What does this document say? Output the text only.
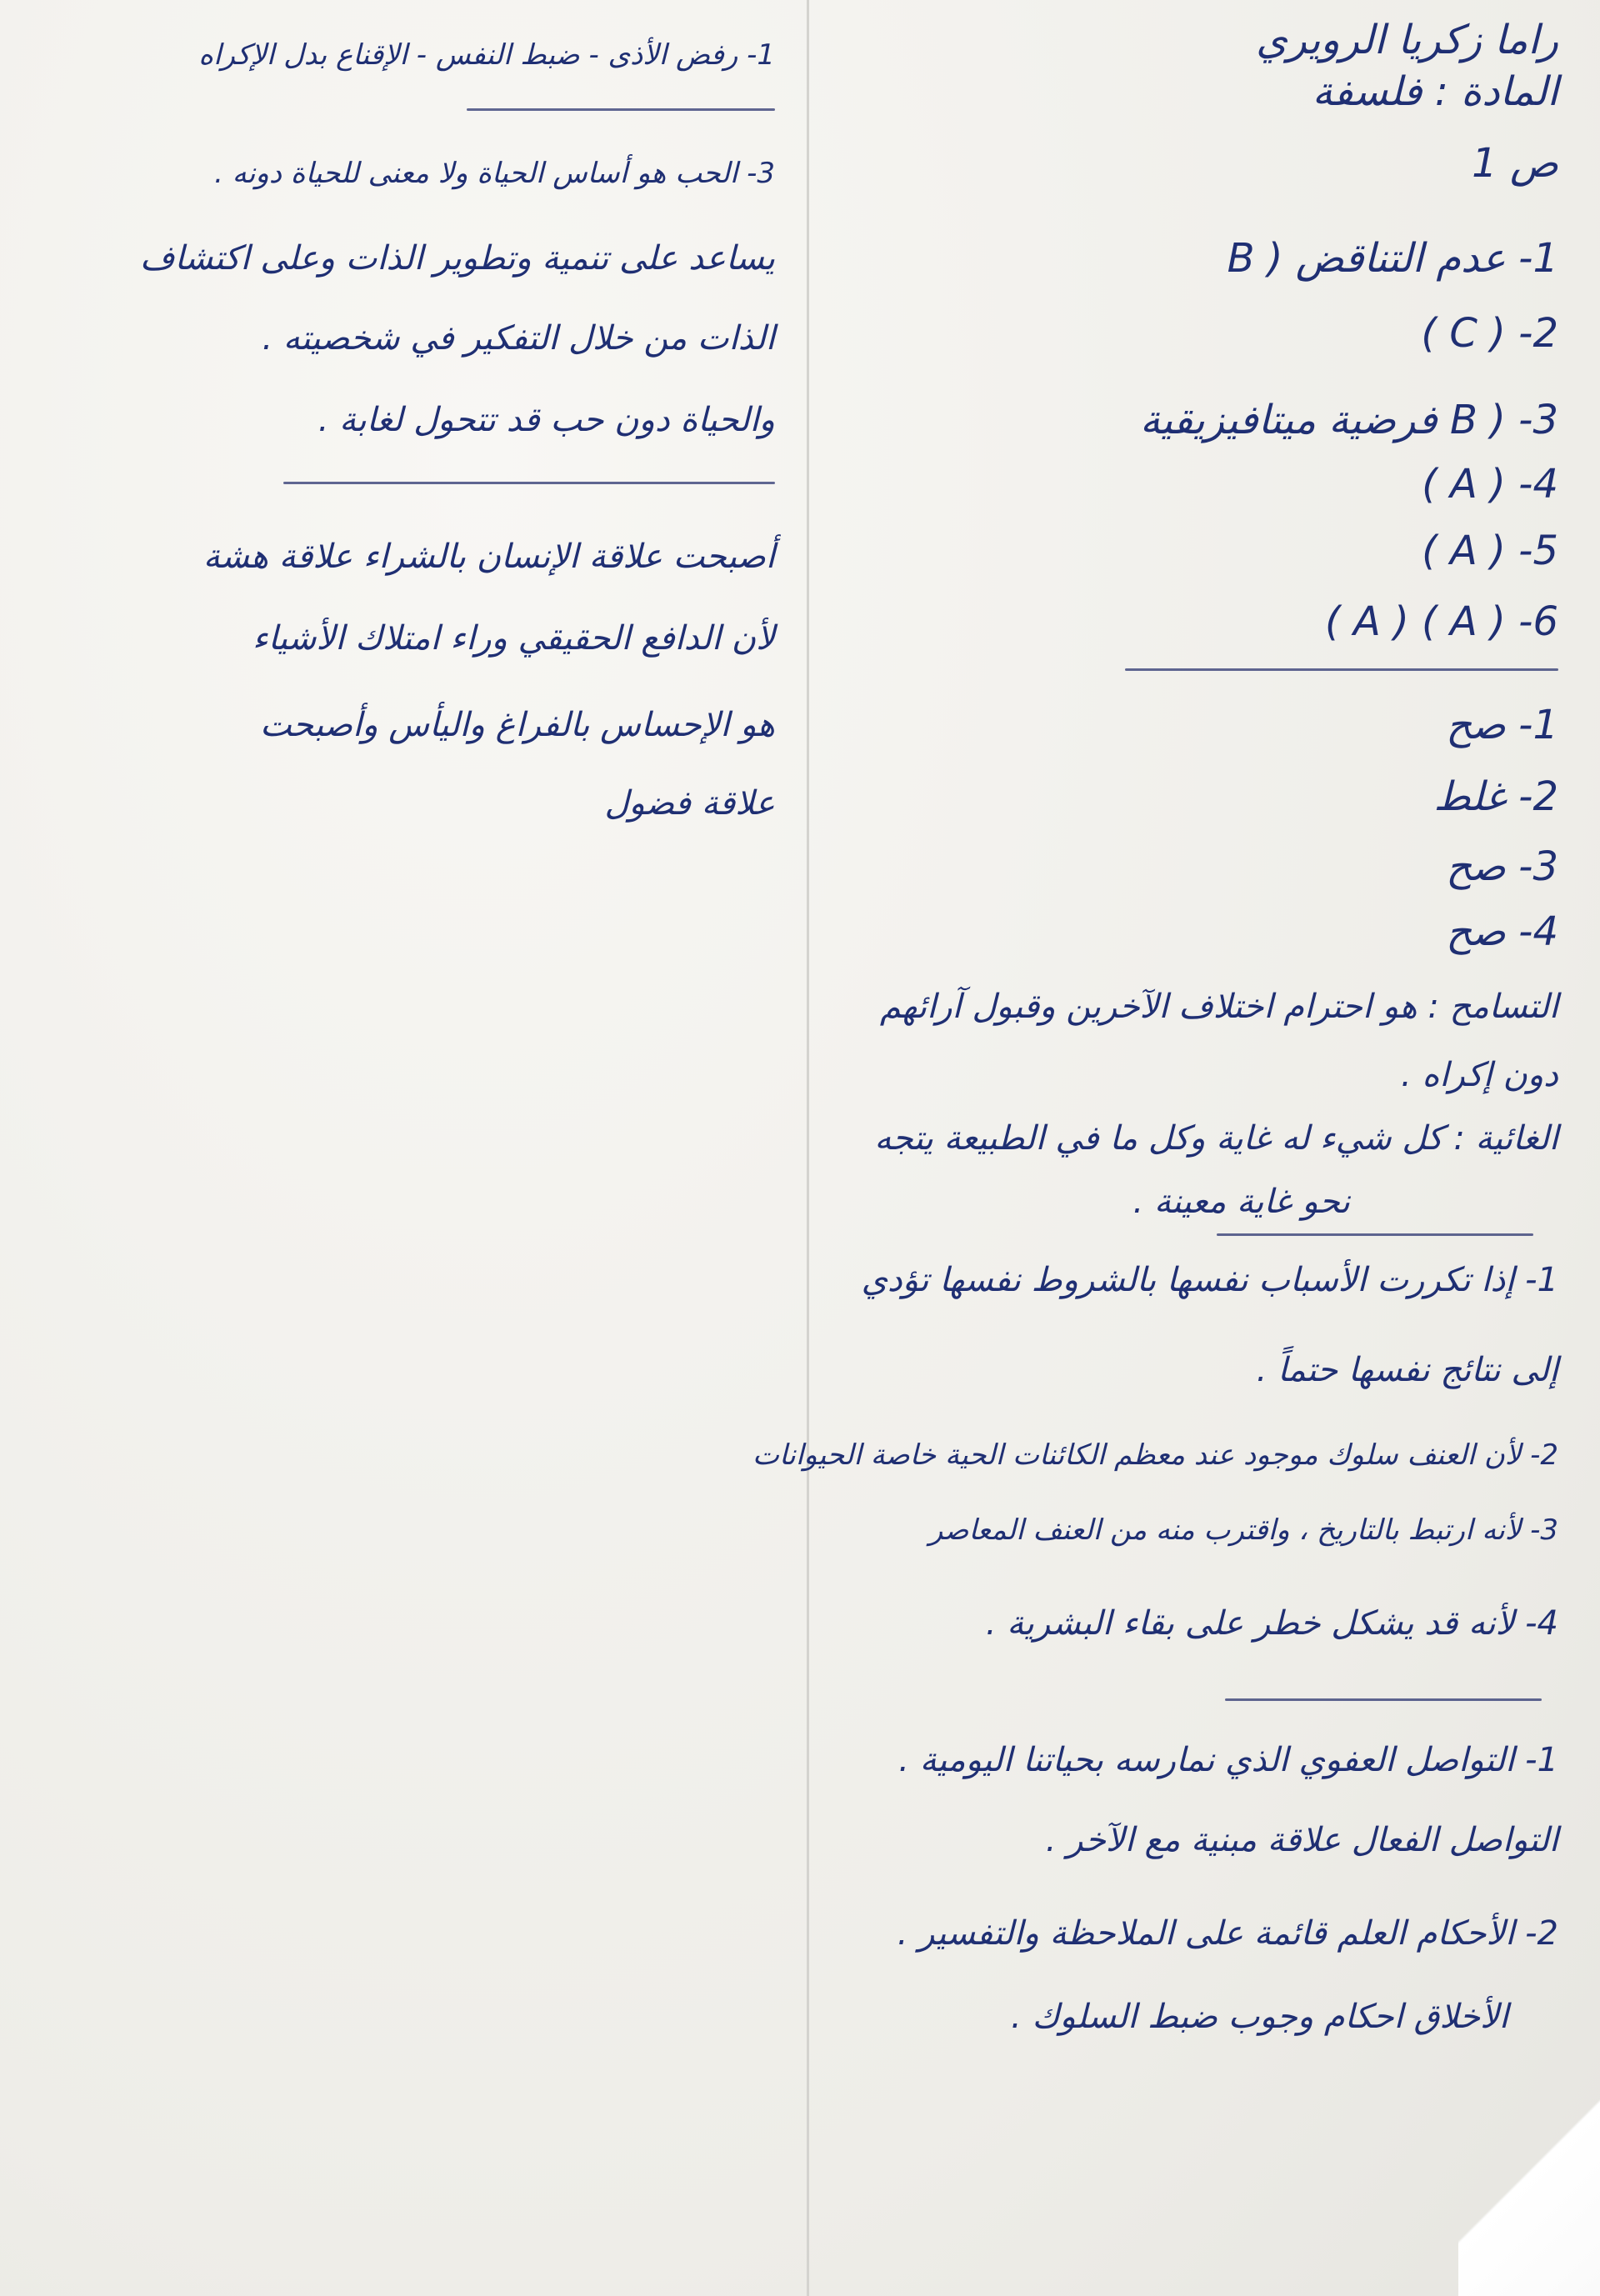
راما زكريا الرويري
المادة : فلسفة
ص 1
1- عدم التناقض ( B
2- ( C )
3- ( B فرضية ميتافيزيقية
4- ( A )
5- ( A )
6- ( A ) ( A )
1- صح
2- غلط
3- صح
4- صح
التسامح : هو احترام اختلاف الآخرين وقبول آرائهم
دون إكراه .
الغائية : كل شيء له غاية وكل ما في الطبيعة يتجه
نحو غاية معينة .
1- إذا تكررت الأسباب نفسها بالشروط نفسها تؤدي
إلى نتائج نفسها حتماً .
2- لأن العنف سلوك موجود عند معظم الكائنات الحية خاصة الحيوانات
3- لأنه ارتبط بالتاريخ ، واقترب منه من العنف المعاصر
4- لأنه قد يشكل خطر على بقاء البشرية .
1- التواصل العفوي الذي نمارسه بحياتنا اليومية .
التواصل الفعال علاقة مبنية مع الآخر .
2- الأحكام العلم قائمة على الملاحظة والتفسير .
الأخلاق احكام وجوب ضبط السلوك .
1- رفض الأذى - ضبط النفس - الإقناع بدل الإكراه
3- الحب هو أساس الحياة ولا معنى للحياة دونه .
يساعد على تنمية وتطوير الذات وعلى اكتشاف
الذات من خلال التفكير في شخصيته .
والحياة دون حب قد تتحول لغابة .
أصبحت علاقة الإنسان بالشراء علاقة هشة
لأن الدافع الحقيقي وراء امتلاك الأشياء
هو الإحساس بالفراغ واليأس وأصبحت
علاقة فضول
